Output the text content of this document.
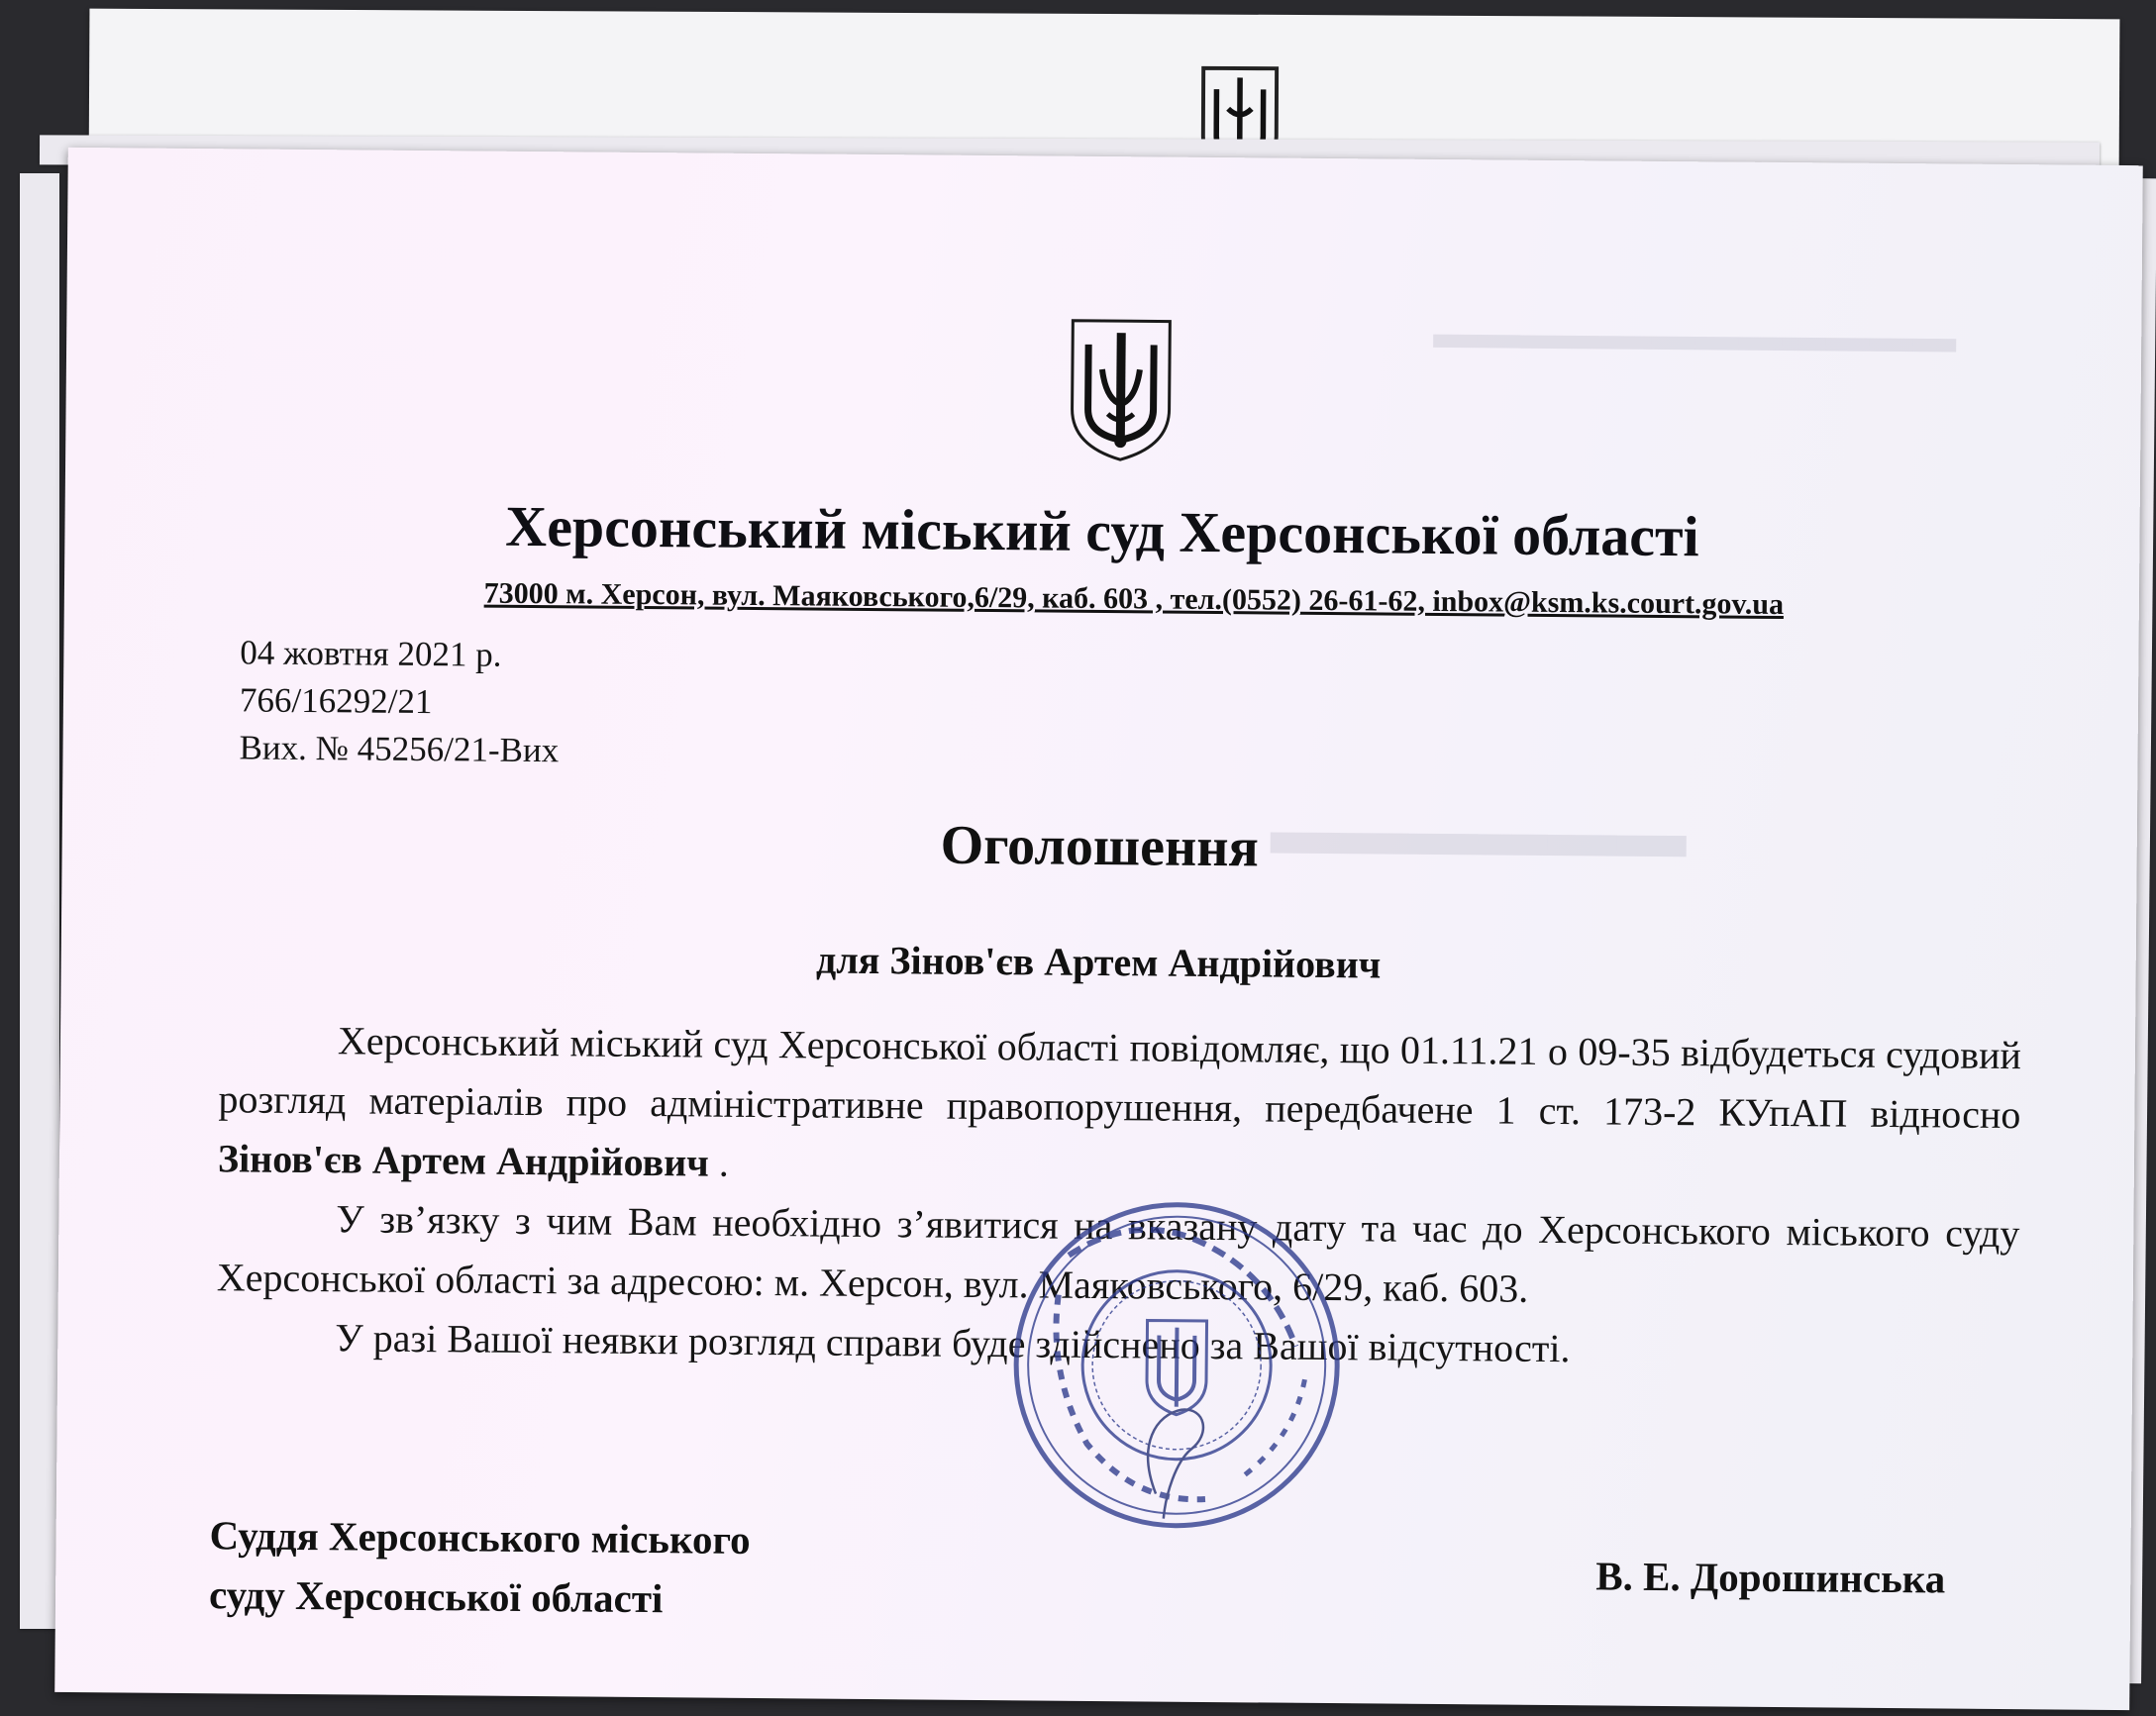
▬▬▬▬▬▬▬▬▬▬▬▬
▬▬▬▬▬▬
Херсонський міський суд Херсонської області
73000 м. Херсон, вул. Маяковського,6/29, каб. 603 , тел.(0552) 26-61-62, inbox@ksm.ks.court.gov.ua
04 жовтня 2021 р.
766/16292/21
Вих. № 45256/21-Вих
Оголошення
для Зінов'єв Артем Андрійович

Херсонський міський суд Херсонської області повідомляє, що 01.11.21 о 09-35 відбудеться судовий розгляд матеріалів про адміністративне правопорушення, передбачене 1 ст. 173-2 КУпАП відносно Зінов'єв Артем Андрійович .

У зв’язку з чим Вам необхідно з’явитися на вказану дату та час до Херсонського міського суду Херсонської області за адресою: м. Херсон, вул. Маяковського, 6/29, каб. 603.

У разі Вашої неявки розгляд справи буде здійснено за Вашої відсутності.

Суддя Херсонського міського
суду Херсонської області	В. Е. Дорошинська
